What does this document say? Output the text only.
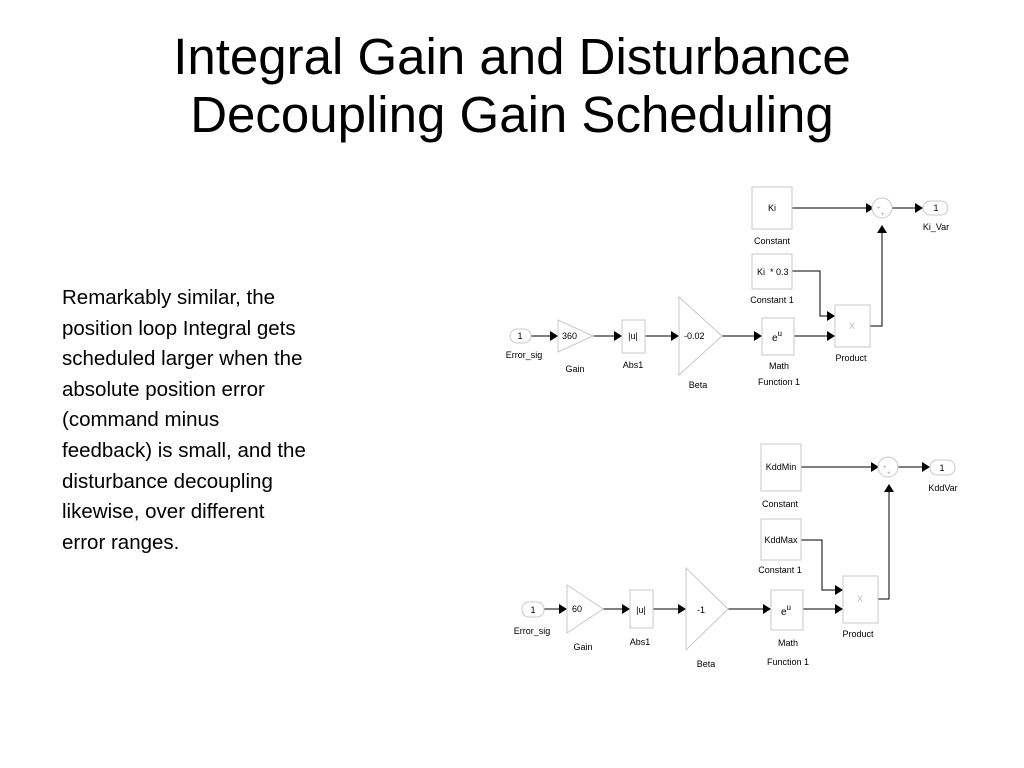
Integral Gain and Disturbance
Decoupling Gain Scheduling
Remarkably similar, the
position loop Integral gets
scheduled larger when the
absolute position error
(command minus
feedback) is small, and the
disturbance decoupling
likewise, over different
error ranges.
1
Error_sig
360
Gain
|u|
Abs1
-0.02
Beta
eu
Math
Function 1
Ki
Constant
Ki * 0.3
Constant 1
X
Product
+
+
1
Ki_Var
1
Error_sig
60
Gain
|u|
Abs1
-1
Beta
eu
Math
Function 1
KddMin
Constant
KddMax
Constant 1
X
Product
+
+
1
KddVar
